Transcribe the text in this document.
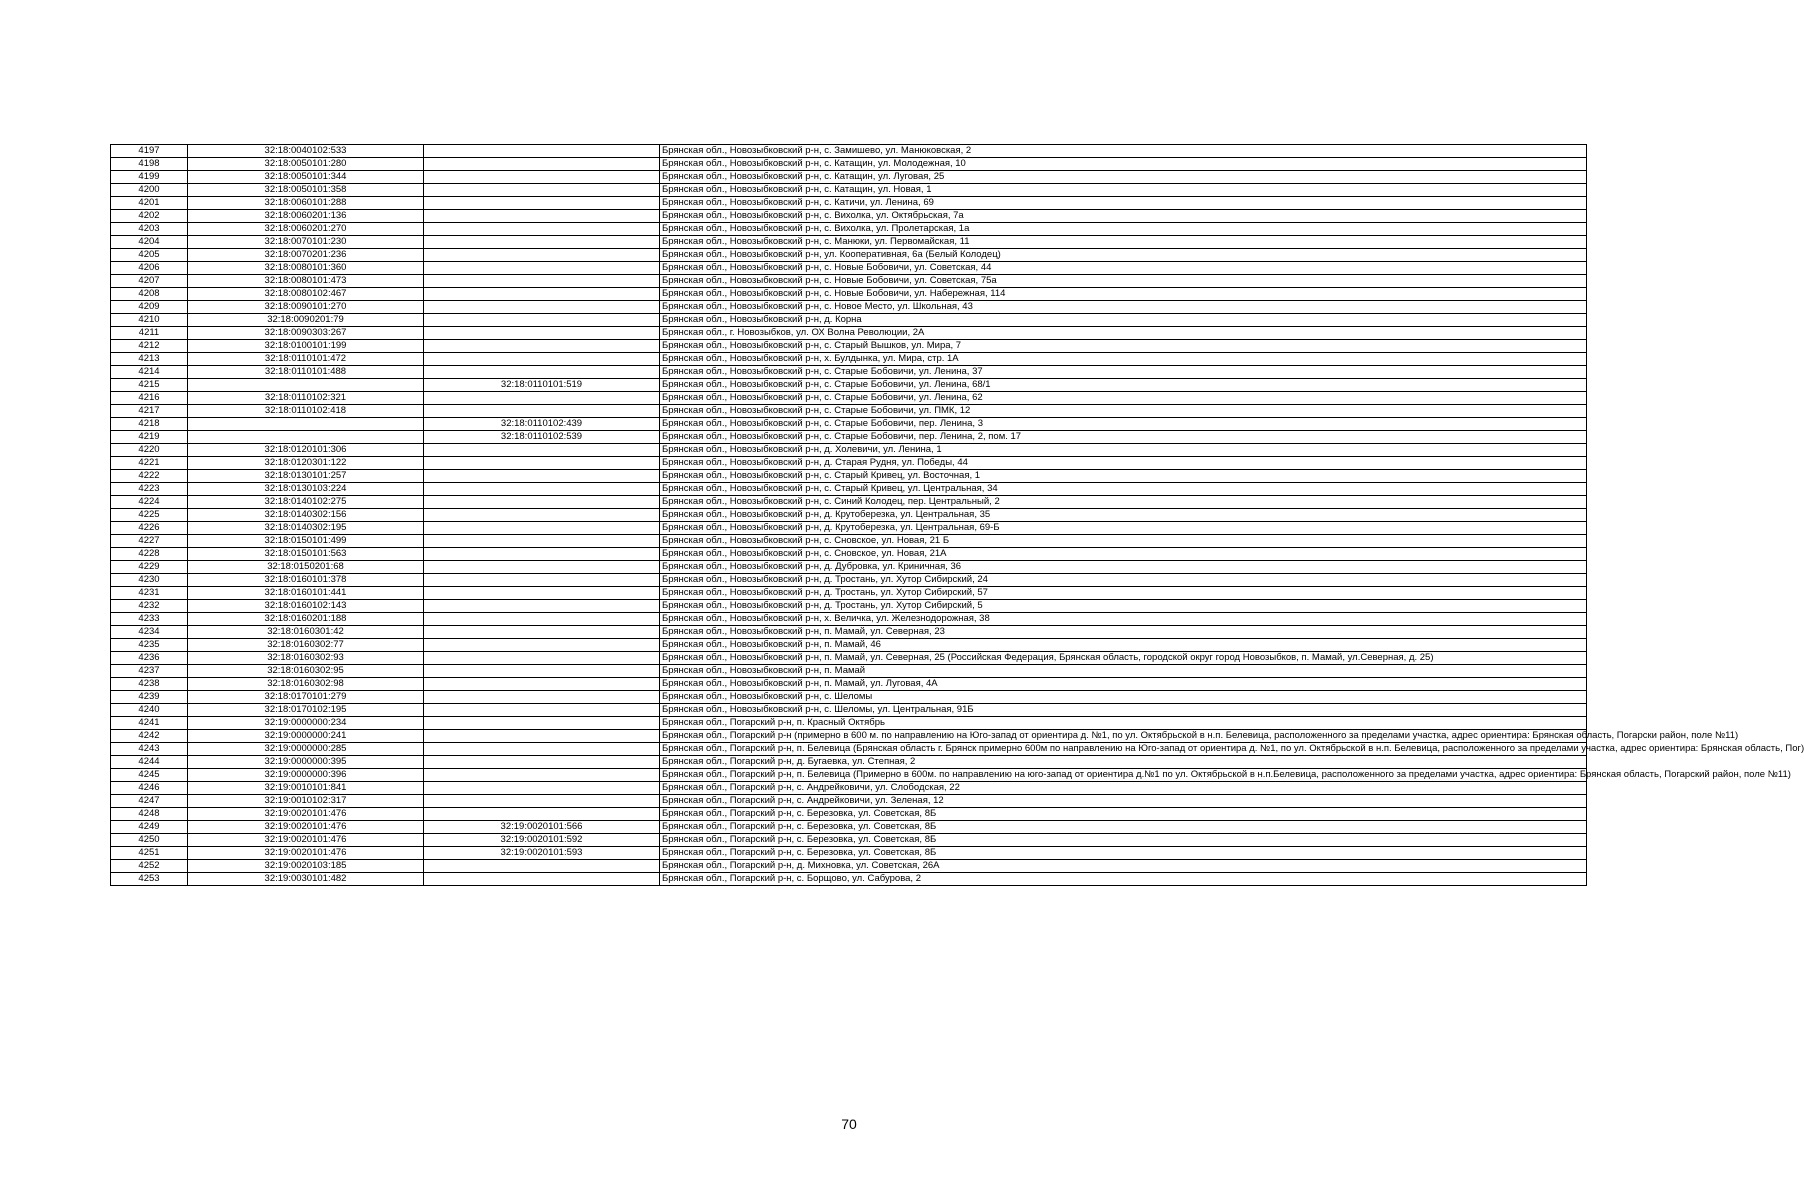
4197	32:18:0040102:533		Брянская обл., Новозыбковский р-н, с. Замишево, ул. Манюковская, 2
4198	32:18:0050101:280		Брянская обл., Новозыбковский р-н, с. Катащин, ул. Молодежная, 10
4199	32:18:0050101:344		Брянская обл., Новозыбковский р-н, с. Катащин, ул. Луговая, 25
4200	32:18:0050101:358		Брянская обл., Новозыбковский р-н, с. Катащин, ул. Новая, 1
4201	32:18:0060101:288		Брянская обл., Новозыбковский р-н, с. Катичи, ул. Ленина, 69
4202	32:18:0060201:136		Брянская обл., Новозыбковский р-н, с. Вихолка, ул. Октябрьская, 7а
4203	32:18:0060201:270		Брянская обл., Новозыбковский р-н, с. Вихолка, ул. Пролетарская, 1а
4204	32:18:0070101:230		Брянская обл., Новозыбковский р-н, с. Манюки, ул. Первомайская, 11
4205	32:18:0070201:236		Брянская обл., Новозыбковский р-н, ул. Кооперативная, 6а (Белый Колодец)
4206	32:18:0080101:360		Брянская обл., Новозыбковский р-н, с. Новые Бобовичи, ул. Советская, 44
4207	32:18:0080101:473		Брянская обл., Новозыбковский р-н, с. Новые Бобовичи, ул. Советская, 75а
4208	32:18:0080102:467		Брянская обл., Новозыбковский р-н, с. Новые Бобовичи, ул. Набережная, 114
4209	32:18:0090101:270		Брянская обл., Новозыбковский р-н, с. Новое Место, ул. Школьная, 43
4210	32:18:0090201:79		Брянская обл., Новозыбковский р-н, д. Корна
4211	32:18:0090303:267		Брянская обл., г. Новозыбков, ул. ОХ Волна Революции, 2А
4212	32:18:0100101:199		Брянская обл., Новозыбковский р-н, с. Старый Вышков, ул. Мира, 7
4213	32:18:0110101:472		Брянская обл., Новозыбковский р-н, х. Булдынка, ул. Мира, стр. 1А
4214	32:18:0110101:488		Брянская обл., Новозыбковский р-н, с. Старые Бобовичи, ул. Ленина, 37
4215		32:18:0110101:519	Брянская обл., Новозыбковский р-н, с. Старые Бобовичи, ул. Ленина, 68/1
4216	32:18:0110102:321		Брянская обл., Новозыбковский р-н, с. Старые Бобовичи, ул. Ленина, 62
4217	32:18:0110102:418		Брянская обл., Новозыбковский р-н, с. Старые Бобовичи, ул. ПМК, 12
4218		32:18:0110102:439	Брянская обл., Новозыбковский р-н, с. Старые Бобовичи, пер. Ленина, 3
4219		32:18:0110102:539	Брянская обл., Новозыбковский р-н, с. Старые Бобовичи, пер. Ленина, 2, пом. 17
4220	32:18:0120101:306		Брянская обл., Новозыбковский р-н, д. Холевичи, ул. Ленина, 1
4221	32:18:0120301:122		Брянская обл., Новозыбковский р-н, д. Старая Рудня, ул. Победы, 44
4222	32:18:0130101:257		Брянская обл., Новозыбковский р-н, с. Старый Кривец, ул. Восточная, 1
4223	32:18:0130103:224		Брянская обл., Новозыбковский р-н, с. Старый Кривец, ул. Центральная, 34
4224	32:18:0140102:275		Брянская обл., Новозыбковский р-н, с. Синий Колодец, пер. Центральный, 2
4225	32:18:0140302:156		Брянская обл., Новозыбковский р-н, д. Крутоберезка, ул. Центральная, 35
4226	32:18:0140302:195		Брянская обл., Новозыбковский р-н, д. Крутоберезка, ул. Центральная, 69-Б
4227	32:18:0150101:499		Брянская обл., Новозыбковский р-н, с. Сновское, ул. Новая, 21 Б
4228	32:18:0150101:563		Брянская обл., Новозыбковский р-н, с. Сновское, ул. Новая, 21А
4229	32:18:0150201:68		Брянская обл., Новозыбковский р-н, д. Дубровка, ул. Криничная, 36
4230	32:18:0160101:378		Брянская обл., Новозыбковский р-н, д. Тростань, ул. Хутор Сибирский, 24
4231	32:18:0160101:441		Брянская обл., Новозыбковский р-н, д. Тростань, ул. Хутор Сибирский, 57
4232	32:18:0160102:143		Брянская обл., Новозыбковский р-н, д. Тростань, ул. Хутор Сибирский, 5
4233	32:18:0160201:188		Брянская обл., Новозыбковский р-н, х. Величка, ул. Железнодорожная, 38
4234	32:18:0160301:42		Брянская обл., Новозыбковский р-н, п. Мамай, ул. Северная, 23
4235	32:18:0160302:77		Брянская обл., Новозыбковский р-н, п. Мамай, 46
4236	32:18:0160302:93		Брянская обл., Новозыбковский р-н, п. Мамай, ул. Северная, 25 (Российская Федерация, Брянская область, городской округ город Новозыбков, п. Мамай, ул.Северная, д. 25)
4237	32:18:0160302:95		Брянская обл., Новозыбковский р-н, п. Мамай
4238	32:18:0160302:98		Брянская обл., Новозыбковский р-н, п. Мамай, ул. Луговая, 4А
4239	32:18:0170101:279		Брянская обл., Новозыбковский р-н, с. Шеломы
4240	32:18:0170102:195		Брянская обл., Новозыбковский р-н, с. Шеломы, ул. Центральная, 91Б
4241	32:19:0000000:234		Брянская обл., Погарский р-н, п. Красный Октябрь
4242	32:19:0000000:241		Брянская обл., Погарский р-н (примерно в 600 м. по направлению на Юго-запад от ориентира д. №1, по ул. Октябрьской в н.п. Белевица, расположенного за пределами участка, адрес ориентира: Брянская область, Погарски район, поле №11)
4243	32:19:0000000:285		Брянская обл., Погарский р-н, п. Белевица (Брянская область г. Брянск примерно 600м по направлению на Юго-запад от ориентира д. №1, по ул. Октябрьской в н.п. Белевица, расположенного за пределами участка, адрес ориентира: Брянская область, Пог)
4244	32:19:0000000:395		Брянская обл., Погарский р-н, д. Бугаевка, ул. Степная, 2
4245	32:19:0000000:396		Брянская обл., Погарский р-н, п. Белевица (Примерно в 600м. по направлению на юго-запад от ориентира д.№1 по ул. Октябрьской в н.п.Белевица, расположенного за пределами участка, адрес ориентира: Брянская область, Погарский район, поле №11)
4246	32:19:0010101:841		Брянская обл., Погарский р-н, с. Андрейковичи, ул. Слободская, 22
4247	32:19:0010102:317		Брянская обл., Погарский р-н, с. Андрейковичи, ул. Зеленая, 12
4248	32:19:0020101:476		Брянская обл., Погарский р-н, с. Березовка, ул. Советская, 8Б
4249	32:19:0020101:476	32:19:0020101:566	Брянская обл., Погарский р-н, с. Березовка, ул. Советская, 8Б
4250	32:19:0020101:476	32:19:0020101:592	Брянская обл., Погарский р-н, с. Березовка, ул. Советская, 8Б
4251	32:19:0020101:476	32:19:0020101:593	Брянская обл., Погарский р-н, с. Березовка, ул. Советская, 8Б
4252	32:19:0020103:185		Брянская обл., Погарский р-н, д. Михновка, ул. Советская, 26А
4253	32:19:0030101:482		Брянская обл., Погарский р-н, с. Борщово, ул. Сабурова, 2
70
